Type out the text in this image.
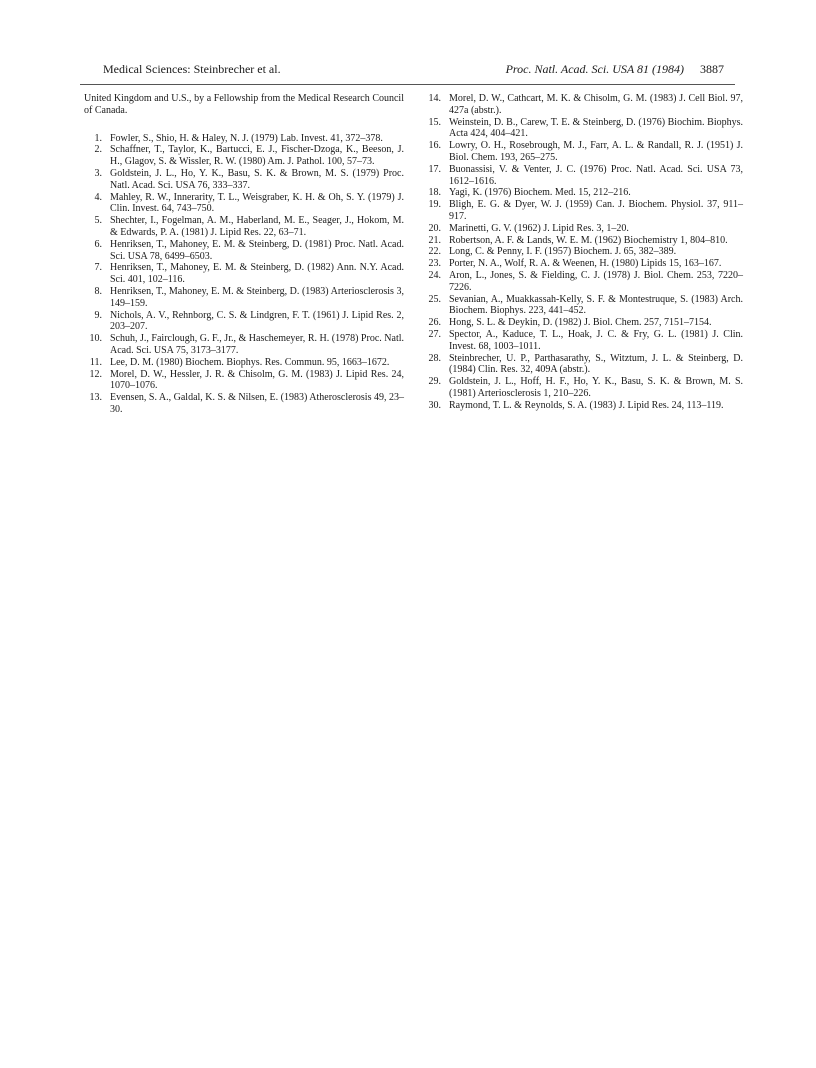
Medical Sciences: Steinbrecher et al.	Proc. Natl. Acad. Sci. USA 81 (1984) 3887

United Kingdom and U.S., by a Fellowship from the Medical Research Council of Canada.

1. Fowler, S., Shio, H. & Haley, N. J. (1979) Lab. Invest. 41, 372–378.
2. Schaffner, T., Taylor, K., Bartucci, E. J., Fischer-Dzoga, K., Beeson, J. H., Glagov, S. & Wissler, R. W. (1980) Am. J. Pathol. 100, 57–73.
3. Goldstein, J. L., Ho, Y. K., Basu, S. K. & Brown, M. S. (1979) Proc. Natl. Acad. Sci. USA 76, 333–337.
4. Mahley, R. W., Innerarity, T. L., Weisgraber, K. H. & Oh, S. Y. (1979) J. Clin. Invest. 64, 743–750.
5. Shechter, I., Fogelman, A. M., Haberland, M. E., Seager, J., Hokom, M. & Edwards, P. A. (1981) J. Lipid Res. 22, 63–71.
6. Henriksen, T., Mahoney, E. M. & Steinberg, D. (1981) Proc. Natl. Acad. Sci. USA 78, 6499–6503.
7. Henriksen, T., Mahoney, E. M. & Steinberg, D. (1982) Ann. N.Y. Acad. Sci. 401, 102–116.
8. Henriksen, T., Mahoney, E. M. & Steinberg, D. (1983) Arteriosclerosis 3, 149–159.
9. Nichols, A. V., Rehnborg, C. S. & Lindgren, F. T. (1961) J. Lipid Res. 2, 203–207.
10. Schuh, J., Fairclough, G. F., Jr., & Haschemeyer, R. H. (1978) Proc. Natl. Acad. Sci. USA 75, 3173–3177.
11. Lee, D. M. (1980) Biochem. Biophys. Res. Commun. 95, 1663–1672.
12. Morel, D. W., Hessler, J. R. & Chisolm, G. M. (1983) J. Lipid Res. 24, 1070–1076.
13. Evensen, S. A., Galdal, K. S. & Nilsen, E. (1983) Atherosclerosis 49, 23–30.
14. Morel, D. W., Cathcart, M. K. & Chisolm, G. M. (1983) J. Cell Biol. 97, 427a (abstr.).
15. Weinstein, D. B., Carew, T. E. & Steinberg, D. (1976) Biochim. Biophys. Acta 424, 404–421.
16. Lowry, O. H., Rosebrough, M. J., Farr, A. L. & Randall, R. J. (1951) J. Biol. Chem. 193, 265–275.
17. Buonassisi, V. & Venter, J. C. (1976) Proc. Natl. Acad. Sci. USA 73, 1612–1616.
18. Yagi, K. (1976) Biochem. Med. 15, 212–216.
19. Bligh, E. G. & Dyer, W. J. (1959) Can. J. Biochem. Physiol. 37, 911–917.
20. Marinetti, G. V. (1962) J. Lipid Res. 3, 1–20.
21. Robertson, A. F. & Lands, W. E. M. (1962) Biochemistry 1, 804–810.
22. Long, C. & Penny, I. F. (1957) Biochem. J. 65, 382–389.
23. Porter, N. A., Wolf, R. A. & Weenen, H. (1980) Lipids 15, 163–167.
24. Aron, L., Jones, S. & Fielding, C. J. (1978) J. Biol. Chem. 253, 7220–7226.
25. Sevanian, A., Muakkassah-Kelly, S. F. & Montestruque, S. (1983) Arch. Biochem. Biophys. 223, 441–452.
26. Hong, S. L. & Deykin, D. (1982) J. Biol. Chem. 257, 7151–7154.
27. Spector, A., Kaduce, T. L., Hoak, J. C. & Fry, G. L. (1981) J. Clin. Invest. 68, 1003–1011.
28. Steinbrecher, U. P., Parthasarathy, S., Witztum, J. L. & Steinberg, D. (1984) Clin. Res. 32, 409A (abstr.).
29. Goldstein, J. L., Hoff, H. F., Ho, Y. K., Basu, S. K. & Brown, M. S. (1981) Arteriosclerosis 1, 210–226.
30. Raymond, T. L. & Reynolds, S. A. (1983) J. Lipid Res. 24, 113–119.
